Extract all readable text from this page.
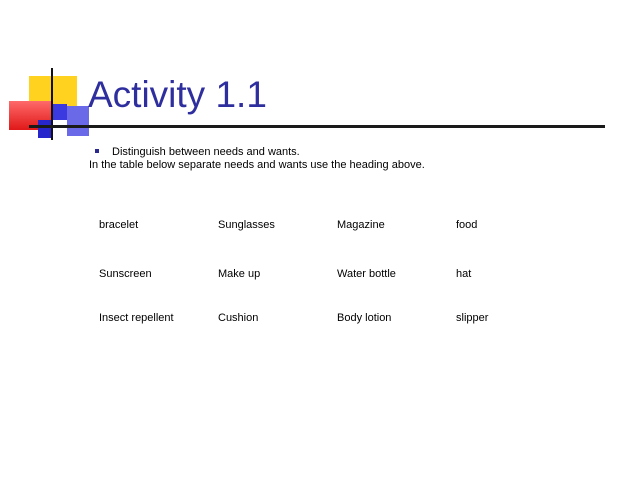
Activity 1.1
Distinguish between needs and wants.
In the table below separate needs and wants use the heading above.
bracelet	Sunglasses	Magazine	food
Sunscreen	Make up	Water bottle	hat
Insect repellent	Cushion	Body lotion	slipper
